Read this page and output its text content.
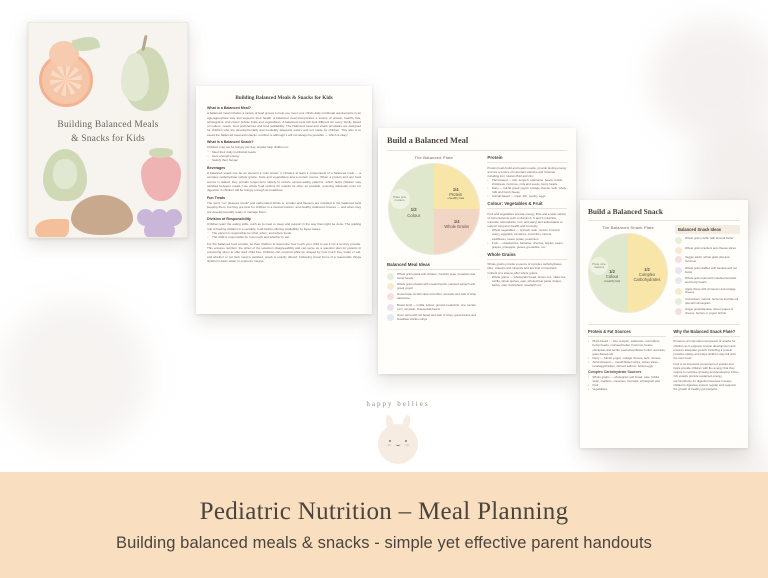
Building Balanced Meals
& Snacks for Kids
Building Balanced Meals & Snacks for Kids
What is a Balanced Meal?
A balanced meal includes a variety of food groups to help you meet your child's daily nutritional requirements in an age-appropriate way and supports their health. A balanced meal incorporates a source of protein, healthy fats, wholegrains, and colour (whole fruits and vegetables). A balanced meal will look different for every family based on culture, needs, food preferences and food availability. The balanced meal and snack templates are designed for children who are developmentally and medically adequate eaters and not made for children. This also is to assist the balanced meal and snacks, nutrition is although it will not always be possible — which is okay!
What is a Balanced Snack?
Children may not be hungry per day, snacks help children re:
• Meet their daily nutritional needs
• Give enough energy
• Satisfy their hunger
Beverages
A balanced snack can be an element a 'mini snack', it includes at least 2 components of a balanced meal — a complex carbohydrate (whole grains, fruits and vegetables) and a protein source. When a protein and one food source is added, they provide longer-term satiety to reduce excess-eating patterns, which helps children stay satisfied between meals. Use whole food options for snacks as often as possible, ensuring adequate room for digestion in children will be hungry enough at mealtimes.
Fun Treats
The word "no" pleasure foods" and carbonated drinks is, smaller and flavours are included in the balanced food keeping them, but they are best for children in a neutral manner, and healthy balanced choices — and when they are developmentally ready to manage them.
Division of Responsibility
Children learn the eating skills, such as to meal or sleep and support in the way that might be done. The guiding rule of feeding children in a sensible, food-before-offering availability by these tastes:
• The parent is responsible for what, when, and where foods.
• The child is responsible for how much and whether to eat.
For the balanced food provide, let their children to determine how much your child to eat if not a lot they provide. This ensures nutrition: the when of the selection disagreeability and can serve as a question plan for parents in pressuring when to offer their child free. Children can respond while be shaped by how much they make or eat, and whether or not their meal is satisfied, snack is exactly offered. Following visual forms of a reasonable things children's basic eaten or exposure means.
Build a Balanced Meal
The Balanced Plate
Plate size matters
1/2
Colour
1/4
Protein
+healthy fats
1/4
Whole Grains
Balanced Meal Ideas
Whole grain pasta with chicken, zucchini peas, tomatoes and hemp hearts
Whole grain chapati with cooked lentils, sauteed spinach and greek yogurt
Homemade oil with slow-cucumber, avocado and side of crisp edamame
Brown lentil — tortilla, lettuce, ground meats/tofu, rice, tomato, corn, avocado, cheese/salt beans
Oven pizza with stir bread and side of crispy greek beans and breakfast chicken strips
Protein
Protein foods build and repair muscle, provide lasting energy and are a source of important vitamins and minerals including iron, vitamin B12 and zinc.
• Plant-based — tofu, tempeh, edamame, beans, lentils, chickpeas, hummus, nuts and seeds, hemp hearts
• Dairy — full-fat greek yogurt, cottage cheese, kefir, whole milk and hard cheese
• Animal-based — meat, fish, poultry, eggs
Colour: Vegetables & Fruit
Fruit and vegetables provide energy, fibre and a wide variety of micronutrients such a vitamin A, C and K (vitamins, minerals, antioxidants, iron, and dairy) and antioxidants to support long-term health and immunity.
• Whole vegetables — spinach, kale, carrots, broccoli, celery, eggplant, tomatoes, cucumber, carrots, cauliflower, sweet potato, pea/onion
• Fruit — strawberries, bananas, cherries, apples, pears, grapes, pineapple, guava, grenadine, etc.
Whole Grains
Whole grains provide a source of complex carbohydrates, fibre, vitamins and minerals and are kind of important nutrient of a slow-to-offer whole grains.
• Whole grains — wholegrain bread, brown rice, millet rice, tortilla, whole quinoa, oats, wholewheat pasta, bulgur, barley, oats, buckwheat, amaranth etc.
Build a Balanced Snack
The Balanced Snack Plate
Plate size matters
1/2
Colour
+healthy fats
1/2
Complex Carbohydrates
Balanced Snack Ideas
Whole grain muffin with almond butter
Whole grain crackers and cheese slices
Veggie sticks, whole grain pita and hummus
Whole grain waffles with banana and nut butter
Whole grain toast with mashed avocado and hemp hearts
Apple slices with cinnamon and cottage cheese
Cucumbers, carrots, hummus and flat-roll pita with wholegrain
Grape greek/banana, sliced grapes & cheese, berries or yogurt drizzle
Protein & Fat Sources
• Plant-based — tofu, tempeh, edamame, nut butters, hemp hearts, nut/seed butter, hummus, beans, chickpeas and lentils, peanut/sunflower butter, avocado, plant-based oils
• Dairy — full-fat yogurt, cottage cheese, kefir, cheese
• Animal-based — meat/chicken strips, turkey slices, tuna/egg/chicken, canned salmon, boiled eggs
Complex Carbohydrate Sources
• Whole grains — wholegrain soft bread, oats, tortilla wrap, crackers, couscous, rice/oats, wholegrain pita
• Fruit
• Vegetables
Why the Balanced Snack Plate?
Protein is an important component of snacks for children as it supports muscle development and ensures adequate growth. Including a protein provides satiety and helps children stay full until the next meal.
Fruit is an important component of snacks and helps provide children with the energy that they require to continue growing and developing. Fibre-rich snacks provide sustained energy, micronutrients for digestion because it keeps children's digestive system regular and supports the growth of healthy gut bacteria.
happy bellies
Pediatric Nutrition – Meal Planning
Building balanced meals & snacks - simple yet effective parent handouts
